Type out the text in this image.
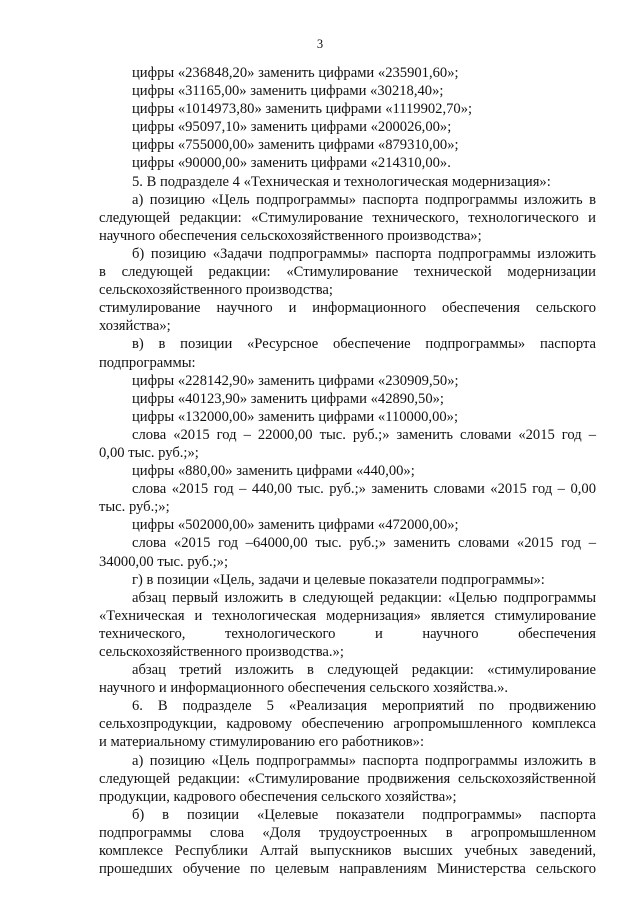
3
цифры «236848,20» заменить цифрами «235901,60»;
цифры «31165,00» заменить цифрами «30218,40»;
цифры «1014973,80» заменить цифрами «1119902,70»;
цифры «95097,10» заменить цифрами «200026,00»;
цифры «755000,00» заменить цифрами «879310,00»;
цифры «90000,00» заменить цифрами «214310,00».
5. В подразделе 4 «Техническая и технологическая модернизация»:
а) позицию «Цель подпрограммы» паспорта подпрограммы изложить в
следующей редакции: «Стимулирование технического, технологического и
научного обеспечения сельскохозяйственного производства»;
б) позицию «Задачи подпрограммы» паспорта подпрограммы изложить
в следующей редакции: «Стимулирование технической модернизации
сельскохозяйственного производства;
стимулирование научного и информационного обеспечения сельского
хозяйства»;
в) в позиции «Ресурсное обеспечение подпрограммы» паспорта
подпрограммы:
цифры «228142,90» заменить цифрами «230909,50»;
цифры «40123,90» заменить цифрами «42890,50»;
цифры «132000,00» заменить цифрами «110000,00»;
слова «2015 год – 22000,00 тыс. руб.;» заменить словами «2015 год –
0,00 тыс. руб.;»;
цифры «880,00» заменить цифрами «440,00»;
слова «2015 год – 440,00 тыс. руб.;» заменить словами «2015 год – 0,00
тыс. руб.;»;
цифры «502000,00» заменить цифрами «472000,00»;
слова «2015 год –64000,00 тыс. руб.;» заменить словами «2015 год –
34000,00 тыс. руб.;»;
г) в позиции «Цель, задачи и целевые показатели подпрограммы»:
абзац первый изложить в следующей редакции: «Целью подпрограммы
«Техническая и технологическая модернизация» является стимулирование
технического, технологического и научного обеспечения
сельскохозяйственного производства.»;
абзац третий изложить в следующей редакции: «стимулирование
научного и информационного обеспечения сельского хозяйства.».
6. В подразделе 5 «Реализация мероприятий по продвижению
сельхозпродукции, кадровому обеспечению агропромышленного комплекса
и материальному стимулированию его работников»:
а) позицию «Цель подпрограммы» паспорта подпрограммы изложить в
следующей редакции: «Стимулирование продвижения сельскохозяйственной
продукции, кадрового обеспечения сельского хозяйства»;
б) в позиции «Целевые показатели подпрограммы» паспорта
подпрограммы слова «Доля трудоустроенных в агропромышленном
комплексе Республики Алтай выпускников высших учебных заведений,
прошедших обучение по целевым направлениям Министерства сельского
